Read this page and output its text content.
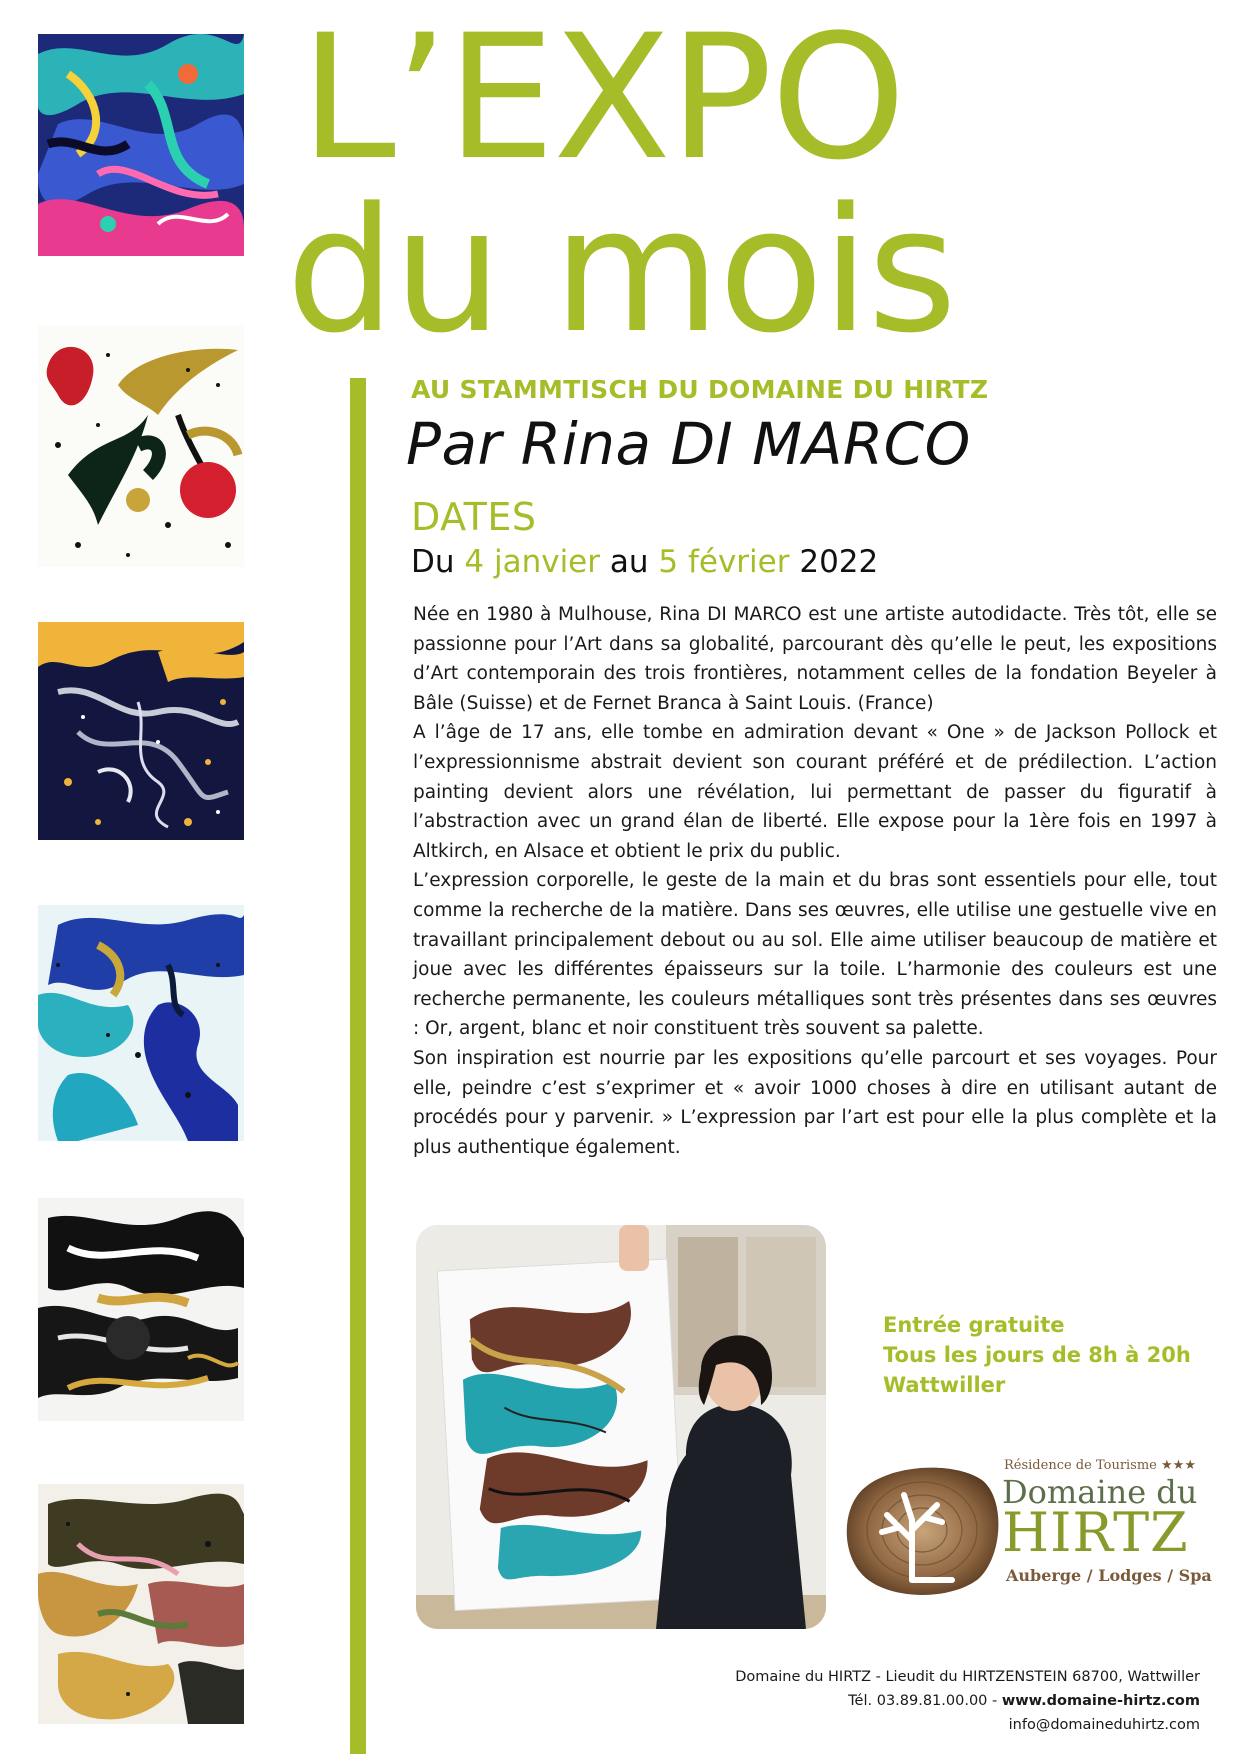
L’EXPO
du mois
AU STAMMTISCH DU DOMAINE DU HIRTZ
Par Rina DI MARCO
DATES
Du 4 janvier au 5 février 2022

Née en 1980 à Mulhouse, Rina DI MARCO est une artiste autodidacte. Très tôt, elle se passionne pour l’Art dans sa globalité, parcourant dès qu’elle le peut, les expositions d’Art contemporain des trois frontières, notamment celles de la fondation Beyeler à Bâle (Suisse) et de Fernet Branca à Saint Louis. (France)

A l’âge de 17 ans, elle tombe en admiration devant « One » de Jackson Pollock et l’expressionnisme abstrait devient son courant préféré et de prédilection. L’action painting devient alors une révélation, lui permettant de passer du figuratif à l’abstraction avec un grand élan de liberté. Elle expose pour la 1ère fois en 1997 à Altkirch, en Alsace et obtient le prix du public.

L’expression corporelle, le geste de la main et du bras sont essentiels pour elle, tout comme la recherche de la matière. Dans ses œuvres, elle utilise une gestuelle vive en travaillant principalement debout ou au sol. Elle aime utiliser beaucoup de matière et joue avec les différentes épaisseurs sur la toile. L’harmonie des couleurs est une recherche permanente, les couleurs métalliques sont très présentes dans ses œuvres : Or, argent, blanc et noir constituent très souvent sa palette.

Son inspiration est nourrie par les expositions qu’elle parcourt et ses voyages. Pour elle, peindre c’est s’exprimer et « avoir 1000 choses à dire en utilisant autant de procédés pour y parvenir. » L’expression par l’art est pour elle la plus complète et la plus authentique également.

Entrée gratuite
Tous les jours de 8h à 20h
Wattwiller
Résidence de Tourisme ★★★
Domaine du
HIRTZ
Auberge / Lodges / Spa
Domaine du HIRTZ - Lieudit du HIRTZENSTEIN 68700, Wattwiller
Tél. 03.89.81.00.00 - www.domaine-hirtz.com
info@domaineduhirtz.com
